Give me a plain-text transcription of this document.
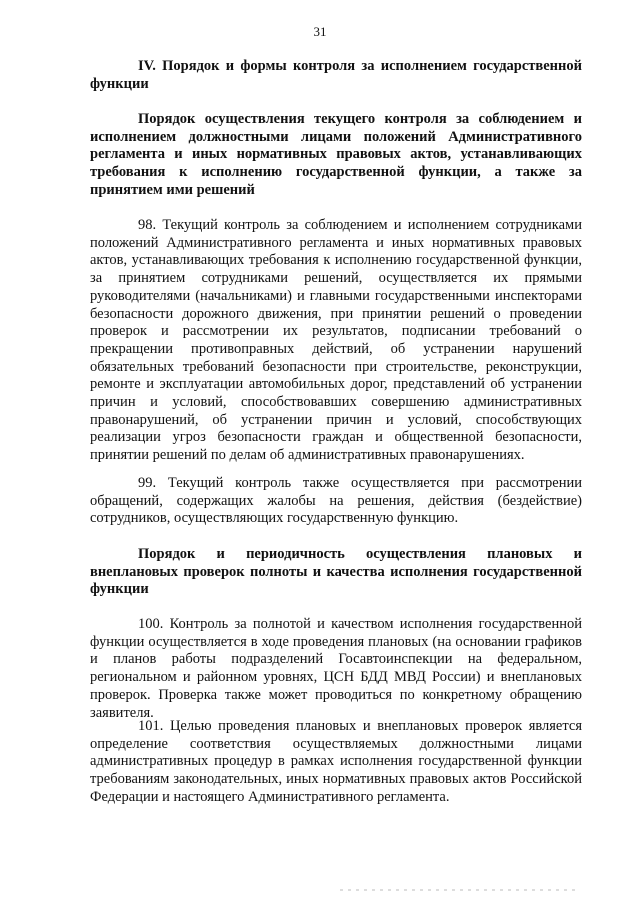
31

IV. Порядок и формы контроля за исполнением государственной функции

Порядок осуществления текущего контроля за соблюдением и исполнением должностными лицами положений Административного регламента и иных нормативных правовых актов, устанавливающих требования к исполнению государственной функции, а также за принятием ими решений

98. Текущий контроль за соблюдением и исполнением сотрудниками положений Административного регламента и иных нормативных правовых актов, устанавливающих требования к исполнению государственной функции, за принятием сотрудниками решений, осуществляется их прямыми руководителями (начальниками) и главными государственными инспекторами безопасности дорожного движения, при принятии решений о проведении проверок и рассмотрении их результатов, подписании требований о прекращении противоправных действий, об устранении нарушений обязательных требований безопасности при строительстве, реконструкции, ремонте и эксплуатации автомобильных дорог, представлений об устранении причин и условий, способствовавших совершению административных правонарушений, об устранении причин и условий, способствующих реализации угроз безопасности граждан и общественной безопасности, принятии решений по делам об административных правонарушениях.

99. Текущий контроль также осуществляется при рассмотрении обращений, содержащих жалобы на решения, действия (бездействие) сотрудников, осуществляющих государственную функцию.

Порядок и периодичность осуществления плановых и внеплановых проверок полноты и качества исполнения государственной функции

100. Контроль за полнотой и качеством исполнения государственной функции осуществляется в ходе проведения плановых (на основании графиков и планов работы подразделений Госавтоинспекции на федеральном, региональном и районном уровнях, ЦСН БДД МВД России) и внеплановых проверок. Проверка также может проводиться по конкретному обращению заявителя.

101. Целью проведения плановых и внеплановых проверок является определение соответствия осуществляемых должностными лицами административных процедур в рамках исполнения государственной функции требованиям законодательных, иных нормативных правовых актов Российской Федерации и настоящего Административного регламента.
